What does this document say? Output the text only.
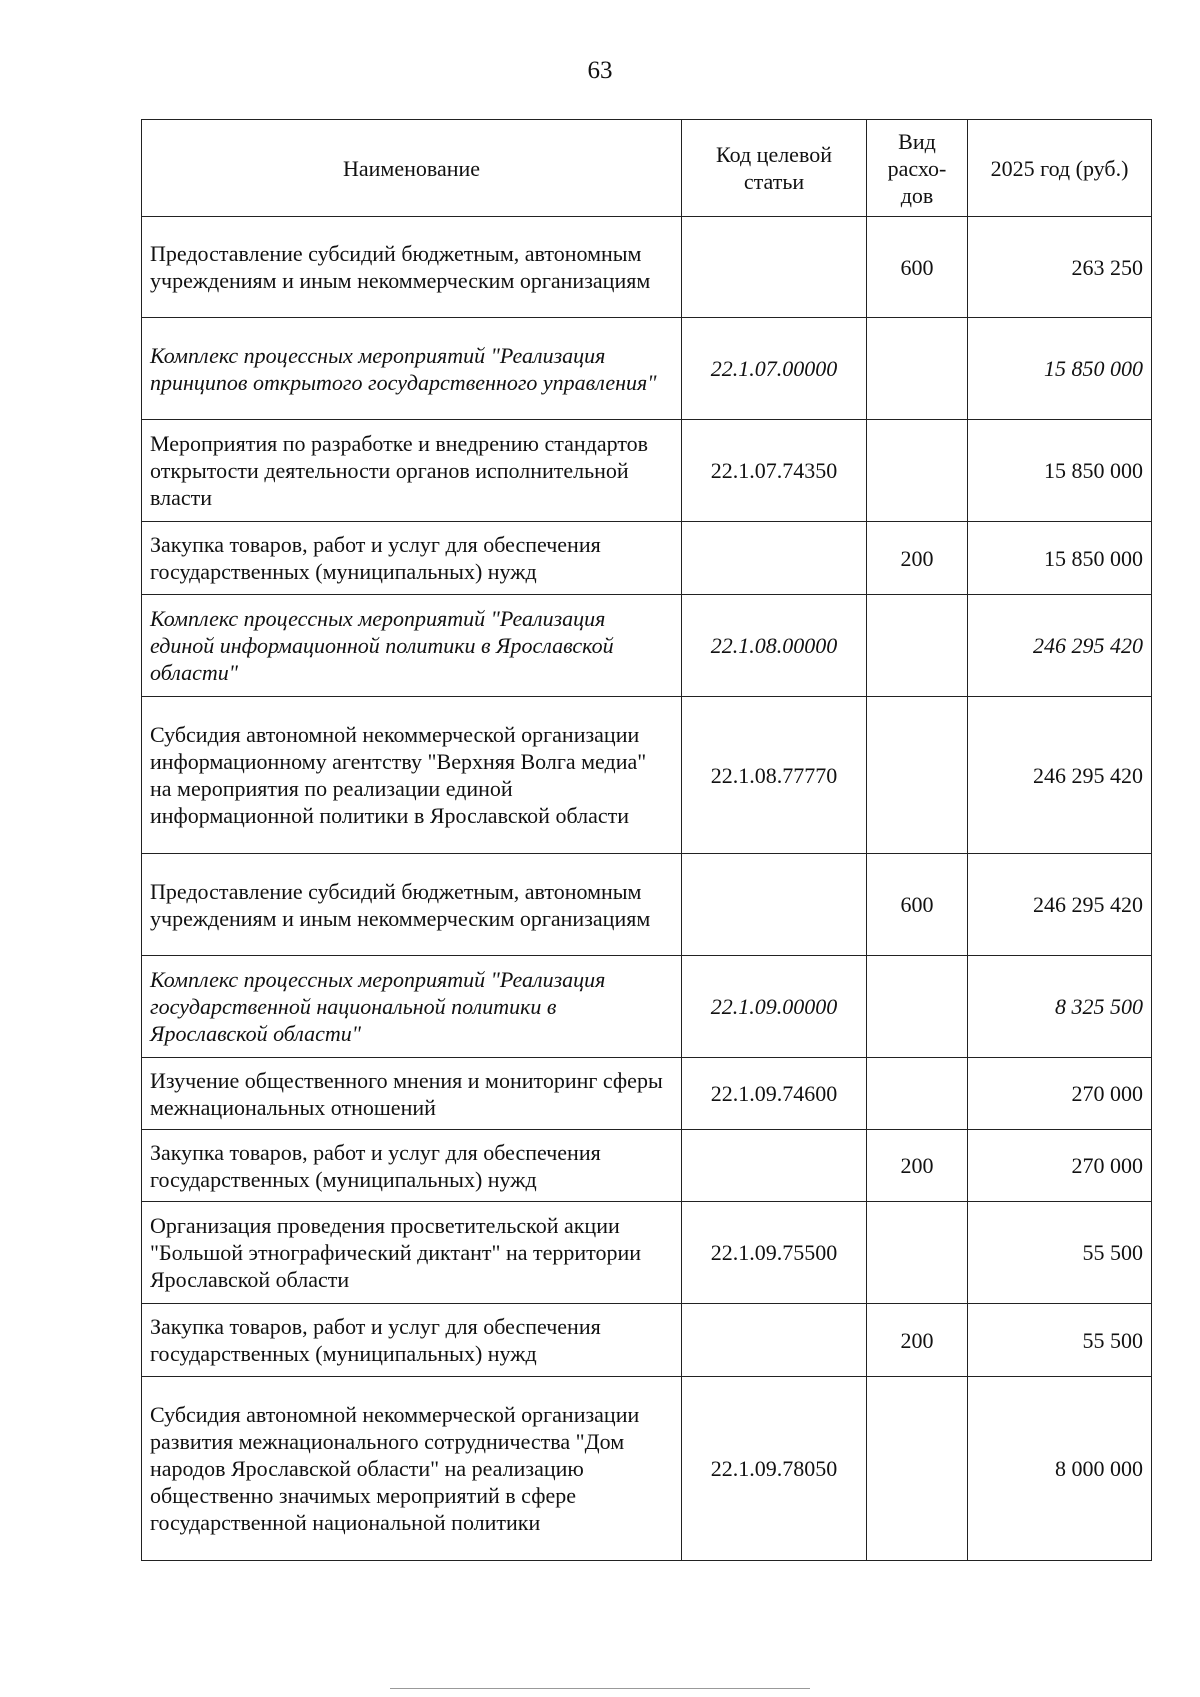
63
Наименование	Код целевой статьи	Вид расхо- дов	2025 год (руб.)
Предоставление субсидий бюджетным, автономным учреждениям и иным некоммерческим организациям		600	263 250
Комплекс процессных мероприятий "Реализация принципов открытого государственного управления"	22.1.07.00000		15 850 000
Мероприятия по разработке и внедрению стандартов открытости деятельности органов исполнительной власти	22.1.07.74350		15 850 000
Закупка товаров, работ и услуг для обеспечения государственных (муниципальных) нужд		200	15 850 000
Комплекс процессных мероприятий "Реализация единой информационной политики в Ярославской области"	22.1.08.00000		246 295 420
Субсидия автономной некоммерческой организации информационному агентству "Верхняя Волга медиа" на мероприятия по реализации единой информационной политики в Ярославской области	22.1.08.77770		246 295 420
Предоставление субсидий бюджетным, автономным учреждениям и иным некоммерческим организациям		600	246 295 420
Комплекс процессных мероприятий "Реализация государственной национальной политики в Ярославской области"	22.1.09.00000		8 325 500
Изучение общественного мнения и мониторинг сферы межнациональных отношений	22.1.09.74600		270 000
Закупка товаров, работ и услуг для обеспечения государственных (муниципальных) нужд		200	270 000
Организация проведения просветительской акции "Большой этнографический диктант" на территории Ярославской области	22.1.09.75500		55 500
Закупка товаров, работ и услуг для обеспечения государственных (муниципальных) нужд		200	55 500
Субсидия автономной некоммерческой организации развития межнационального сотрудничества "Дом народов Ярославской области" на реализацию общественно значимых мероприятий в сфере государственной национальной политики	22.1.09.78050		8 000 000
